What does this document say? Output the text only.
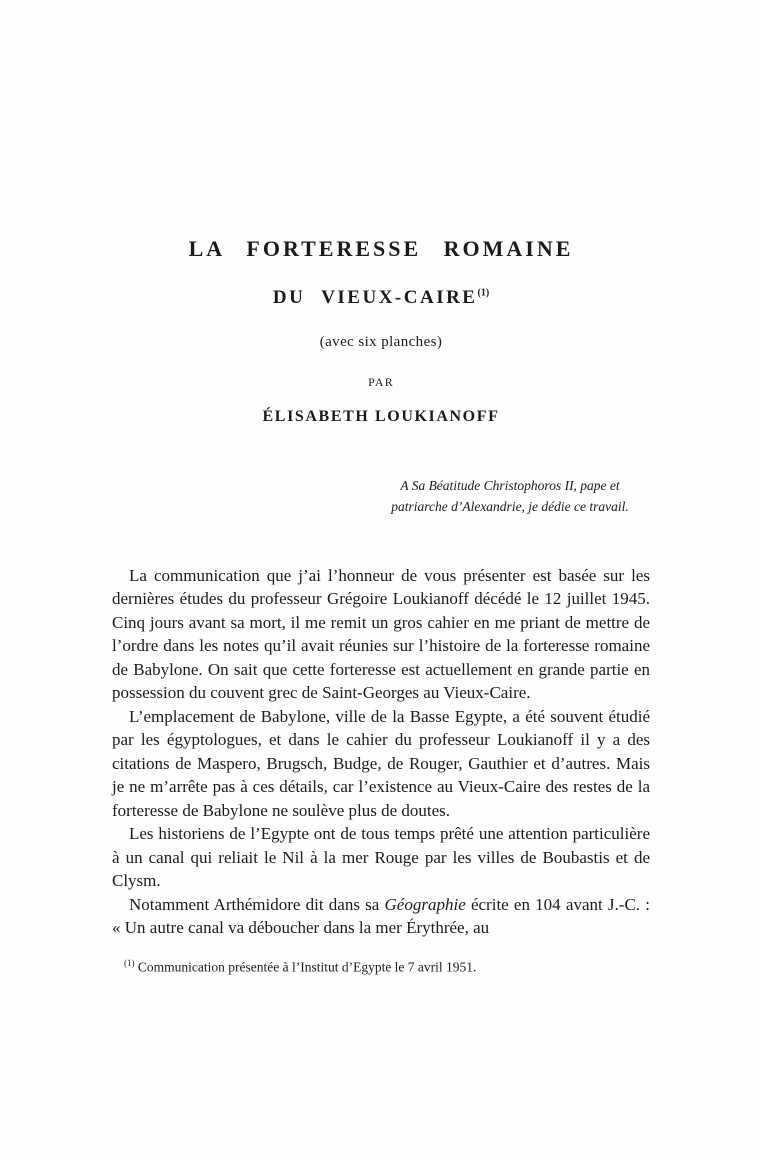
LA FORTERESSE ROMAINE
DU VIEUX-CAIRE$^{(1)}$
(avec six planches)
PAR
ÉLISABETH LOUKIANOFF
A Sa Béatitude Christophoros II, pape et
patriarche d’Alexandrie, je dédie ce travail.

La communication que j’ai l’honneur de vous présenter est basée sur les dernières études du professeur Grégoire Loukianoff décédé le 12 juillet 1945. Cinq jours avant sa mort, il me remit un gros cahier en me priant de mettre de l’ordre dans les notes qu’il avait réunies sur l’histoire de la forteresse romaine de Babylone. On sait que cette forteresse est actuellement en grande partie en possession du couvent grec de Saint-Georges au Vieux-Caire.

L’emplacement de Babylone, ville de la Basse Egypte, a été souvent étudié par les égyptologues, et dans le cahier du professeur Loukianoff il y a des citations de Maspero, Brugsch, Budge, de Rouger, Gauthier et d’autres. Mais je ne m’arrête pas à ces détails, car l’existence au Vieux-Caire des restes de la forteresse de Babylone ne soulève plus de doutes.

Les historiens de l’Egypte ont de tous temps prêté une attention particulière à un canal qui reliait le Nil à la mer Rouge par les villes de Boubastis et de Clysm.

Notamment Arthémidore dit dans sa Géographie écrite en 104 avant J.-C. : « Un autre canal va déboucher dans la mer Érythrée, au

$^{(1)}$ Communication présentée à l’Institut d’Egypte le 7 avril 1951.
